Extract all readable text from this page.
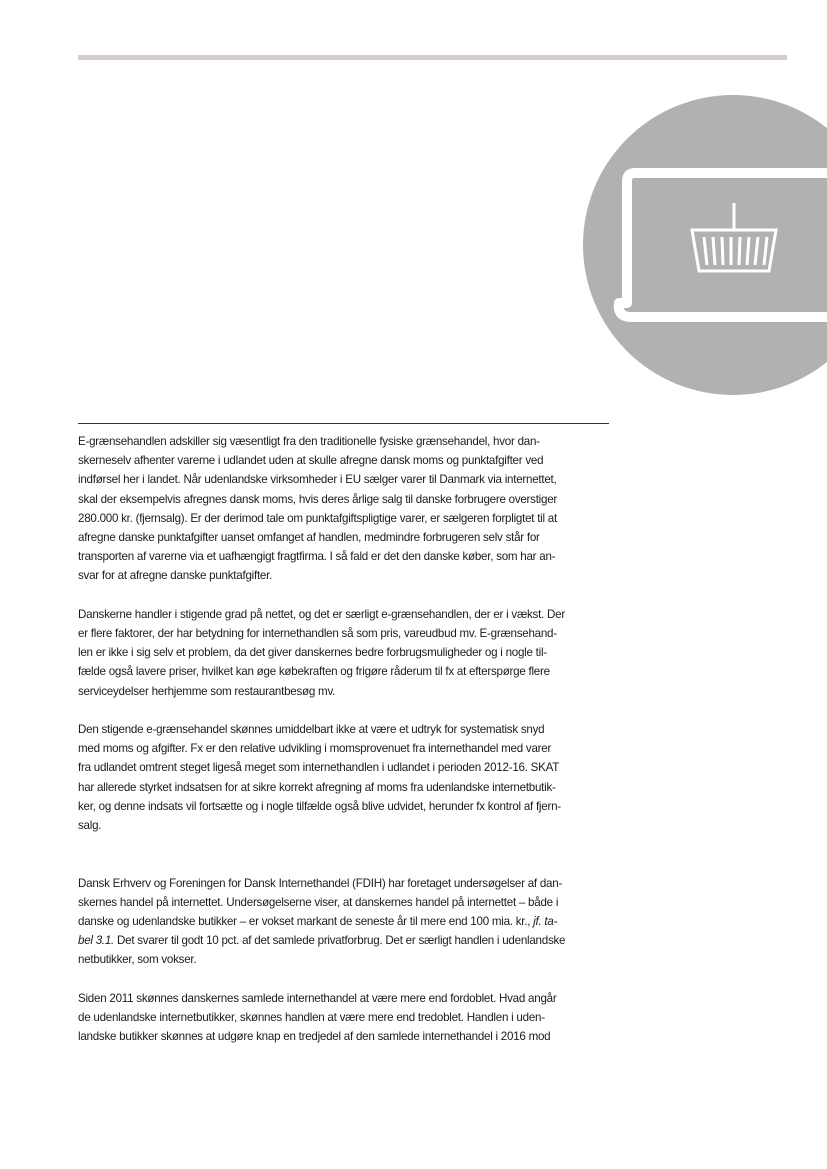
E-grænsehandlen adskiller sig væsentligt fra den traditionelle fysiske grænsehandel, hvor dan-
skerneselv afhenter varerne i udlandet uden at skulle afregne dansk moms og punktafgifter ved
indførsel her i landet. Når udenlandske virksomheder i EU sælger varer til Danmark via internettet,
skal der eksempelvis afregnes dansk moms, hvis deres årlige salg til danske forbrugere overstiger
280.000 kr. (fjernsalg). Er der derimod tale om punktafgiftspligtige varer, er sælgeren forpligtet til at
afregne danske punktafgifter uanset omfanget af handlen, medmindre forbrugeren selv står for
transporten af varerne via et uafhængigt fragtfirma. I så fald er det den danske køber, som har an-
svar for at afregne danske punktafgifter.

Danskerne handler i stigende grad på nettet, og det er særligt e-grænsehandlen, der er i vækst. Der
er flere faktorer, der har betydning for internethandlen så som pris, vareudbud mv. E-grænsehand-
len er ikke i sig selv et problem, da det giver danskernes bedre forbrugsmuligheder og i nogle til-
fælde også lavere priser, hvilket kan øge købekraften og frigøre råderum til fx at efterspørge flere
serviceydelser herhjemme som restaurantbesøg mv.

Den stigende e-grænsehandel skønnes umiddelbart ikke at være et udtryk for systematisk snyd
med moms og afgifter. Fx er den relative udvikling i momsprovenuet fra internethandel med varer
fra udlandet omtrent steget ligeså meget som internethandlen i udlandet i perioden 2012-16. SKAT
har allerede styrket indsatsen for at sikre korrekt afregning af moms fra udenlandske internetbutik-
ker, og denne indsats vil fortsætte og i nogle tilfælde også blive udvidet, herunder fx kontrol af fjern-
salg.

Dansk Erhverv og Foreningen for Dansk Internethandel (FDIH) har foretaget undersøgelser af dan-
skernes handel på internettet. Undersøgelserne viser, at danskernes handel på internettet – både i
danske og udenlandske butikker – er vokset markant de seneste år til mere end 100 mia. kr., jf. ta-
bel 3.1. Det svarer til godt 10 pct. af det samlede privatforbrug. Det er særligt handlen i udenlandske
netbutikker, som vokser.

Siden 2011 skønnes danskernes samlede internethandel at være mere end fordoblet. Hvad angår
de udenlandske internetbutikker, skønnes handlen at være mere end tredoblet. Handlen i uden-
landske butikker skønnes at udgøre knap en tredjedel af den samlede internethandel i 2016 mod
